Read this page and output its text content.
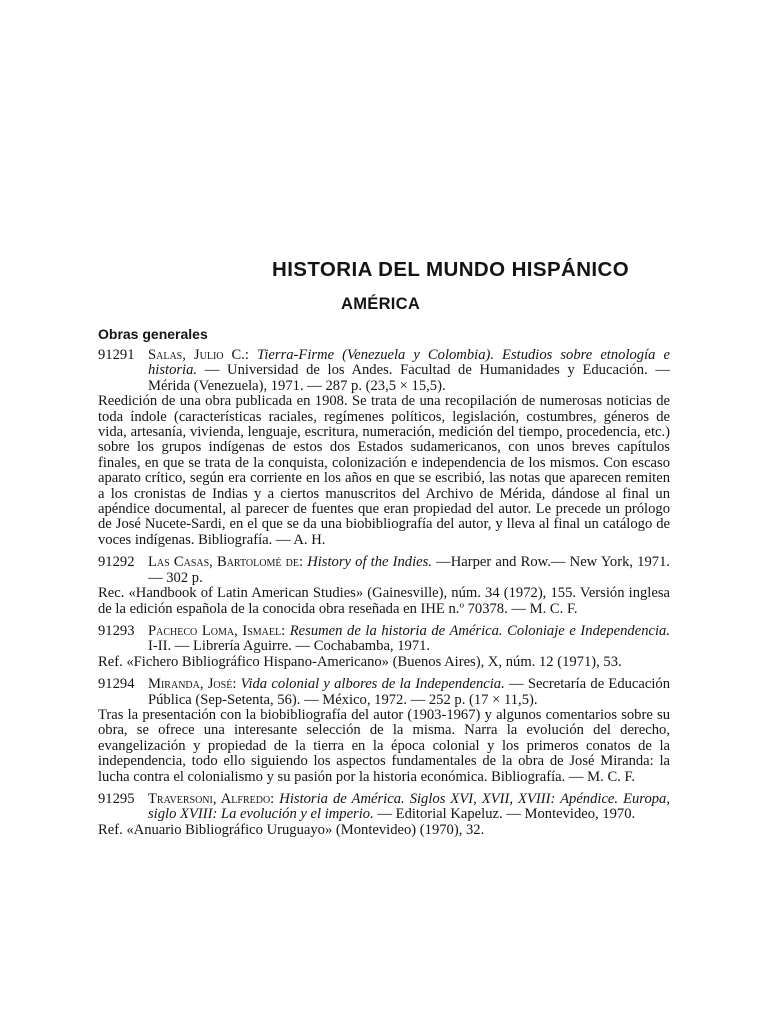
HISTORIA DEL MUNDO HISPÁNICO
AMÉRICA
Obras generales
91291 Salas, Julio C.: Tierra-Firme (Venezuela y Colombia). Estudios sobre etnología e historia. — Universidad de los Andes. Facultad de Humanidades y Educación. — Mérida (Venezuela), 1971. — 287 p. (23,5 × 15,5).

Reedición de una obra publicada en 1908. Se trata de una recopilación de numerosas noticias de toda índole (características raciales, regímenes políticos, legislación, costumbres, géneros de vida, artesanía, vivienda, lenguaje, escritura, numeración, medición del tiempo, procedencia, etc.) sobre los grupos indígenas de estos dos Estados sudamericanos, con unos breves capítulos finales, en que se trata de la conquista, colonización e independencia de los mismos. Con escaso aparato crítico, según era corriente en los años en que se escribió, las notas que aparecen remiten a los cronistas de Indias y a ciertos manuscritos del Archivo de Mérida, dándose al final un apéndice documental, al parecer de fuentes que eran propiedad del autor. Le precede un prólogo de José Nucete-Sardi, en el que se da una biobibliografía del autor, y lleva al final un catálogo de voces indígenas. Bibliografía. — A. H.

91292 Las Casas, Bartolomé de: History of the Indies. —Harper and Row.— New York, 1971. — 302 p.

Rec. «Handbook of Latin American Studies» (Gainesville), núm. 34 (1972), 155. Versión inglesa de la edición española de la conocida obra reseñada en IHE n.º 70378. — M. C. F.

91293 Pacheco Loma, Ismael: Resumen de la historia de América. Coloniaje e Independencia. I-II. — Librería Aguirre. — Cochabamba, 1971.

Ref. «Fichero Bibliográfico Hispano-Americano» (Buenos Aires), X, núm. 12 (1971), 53.

91294 Miranda, José: Vida colonial y albores de la Independencia. — Secretaría de Educación Pública (Sep-Setenta, 56). — México, 1972. — 252 p. (17 × 11,5).

Tras la presentación con la biobibliografía del autor (1903-1967) y algunos comentarios sobre su obra, se ofrece una interesante selección de la misma. Narra la evolución del derecho, evangelización y propiedad de la tierra en la época colonial y los primeros conatos de la independencia, todo ello siguiendo los aspectos fundamentales de la obra de José Miranda: la lucha contra el colonialismo y su pasión por la historia económica. Bibliografía. — M. C. F.

91295 Traversoni, Alfredo: Historia de América. Siglos XVI, XVII, XVIII: Apéndice. Europa, siglo XVIII: La evolución y el imperio. — Editorial Kapeluz. — Montevideo, 1970.

Ref. «Anuario Bibliográfico Uruguayo» (Montevideo) (1970), 32.
